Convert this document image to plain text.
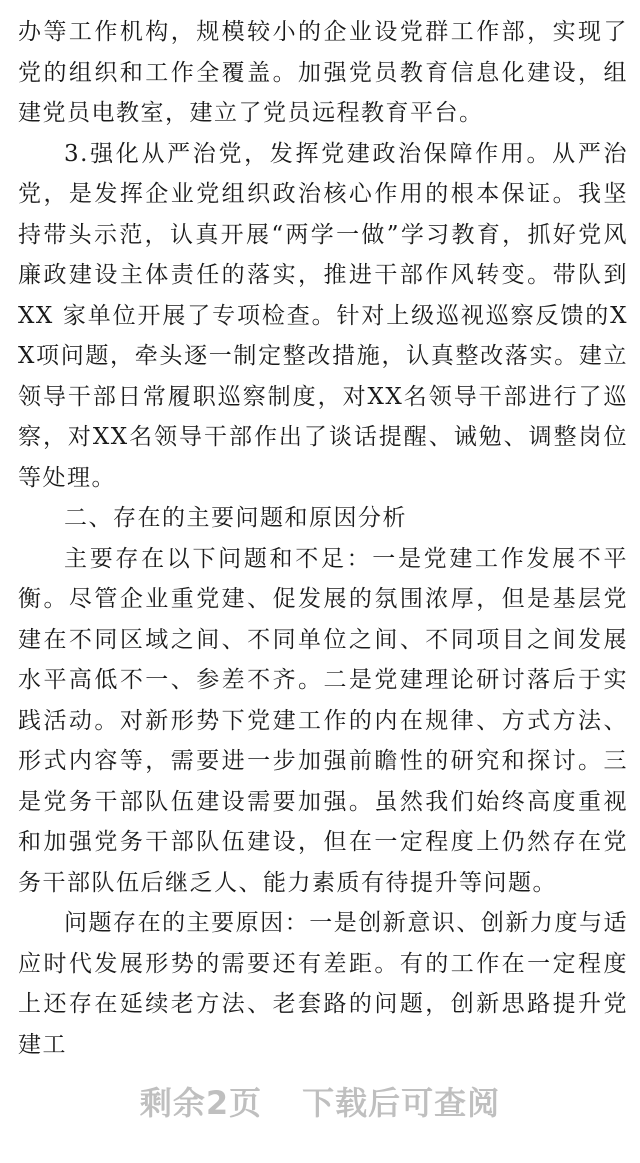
办等工作机构，规模较小的企业设党群工作部，实现了党的组织和工作全覆盖。加强党员教育信息化建设，组建党员电教室，建立了党员远程教育平台。

3.强化从严治党，发挥党建政治保障作用。从严治党，是发挥企业党组织政治核心作用的根本保证。我坚持带头示范，认真开展“两学一做”学习教育，抓好党风廉政建设主体责任的落实，推进干部作风转变。带队到 XX 家单位开展了专项检查。针对上级巡视巡察反馈的XX项问题，牵头逐一制定整改措施，认真整改落实。建立领导干部日常履职巡察制度，对XX名领导干部进行了巡察，对XX名领导干部作出了谈话提醒、诫勉、调整岗位等处理。

二、存在的主要问题和原因分析

主要存在以下问题和不足：一是党建工作发展不平衡。尽管企业重党建、促发展的氛围浓厚，但是基层党建在不同区域之间、不同单位之间、不同项目之间发展水平高低不一、参差不齐。二是党建理论研讨落后于实践活动。对新形势下党建工作的内在规律、方式方法、形式内容等，需要进一步加强前瞻性的研究和探讨。三是党务干部队伍建设需要加强。虽然我们始终高度重视和加强党务干部队伍建设，但在一定程度上仍然存在党务干部队伍后继乏人、能力素质有待提升等问题。

问题存在的主要原因：一是创新意识、创新力度与适应时代发展形势的需要还有差距。有的工作在一定程度上还存在延续老方法、老套路的问题，创新思路提升党建工

剩余2页 下载后可查阅
